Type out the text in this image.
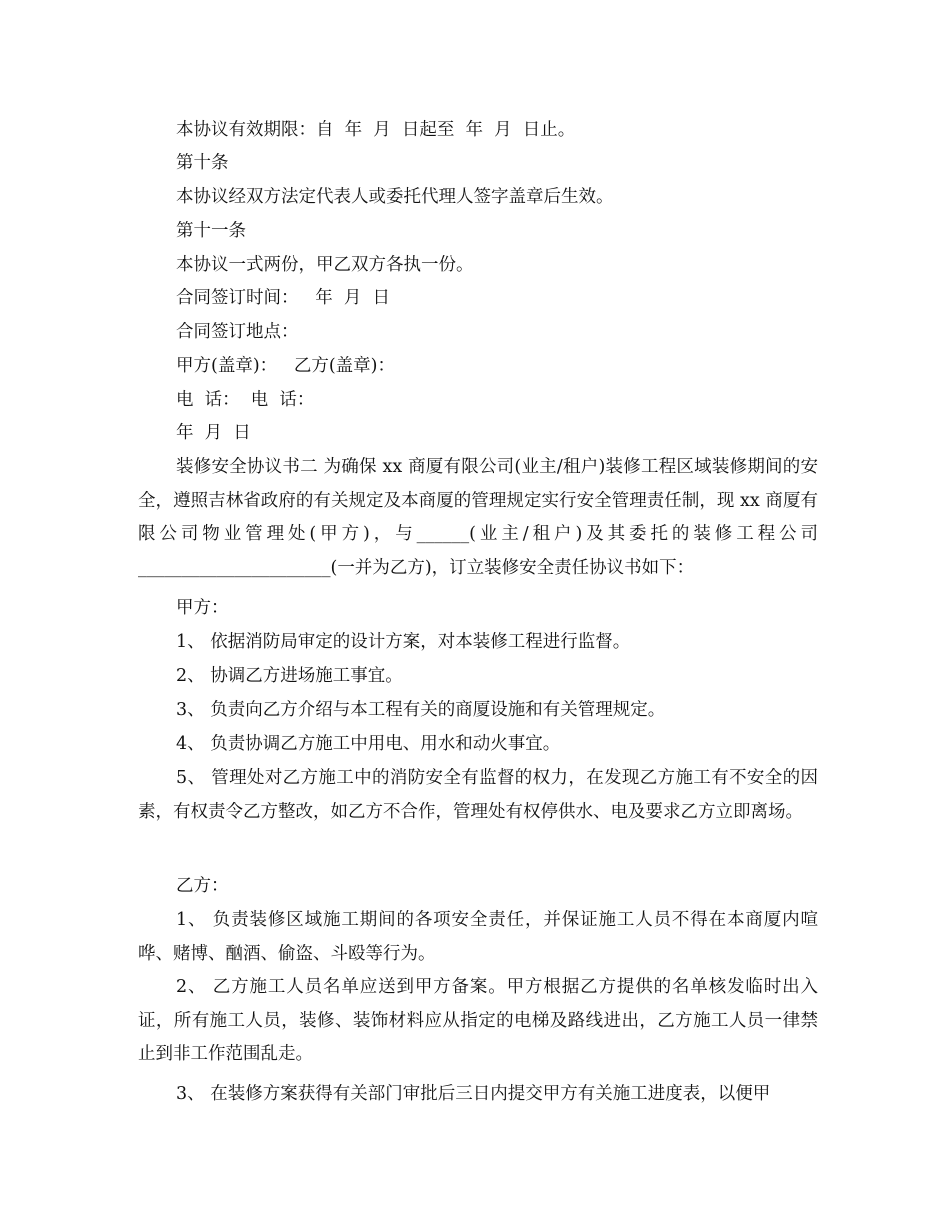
本协议有效期限：自  年  月  日起至  年  月  日止。
第十条
本协议经双方法定代表人或委托代理人签字盖章后生效。
第十一条
本协议一式两份，甲乙双方各执一份。
合同签订时间：   年  月  日
合同签订地点：
甲方(盖章)：   乙方(盖章)：
电  话：  电  话：
年  月  日
装修安全协议书二 为确保 xx 商厦有限公司(业主/租户)装修工程区域装修期间的安全，遵照吉林省政府的有关规定及本商厦的管理规定实行安全管理责任制，现 xx 商厦有限公司物业管理处(甲方)，与______(业主/租户)及其委托的装修工程公司______________________(一并为乙方)，订立装修安全责任协议书如下：
甲方：
1、 依据消防局审定的设计方案，对本装修工程进行监督。
2、 协调乙方进场施工事宜。
3、 负责向乙方介绍与本工程有关的商厦设施和有关管理规定。
4、 负责协调乙方施工中用电、用水和动火事宜。
5、 管理处对乙方施工中的消防安全有监督的权力，在发现乙方施工有不安全的因素，有权责令乙方整改，如乙方不合作，管理处有权停供水、电及要求乙方立即离场。
乙方：
1、 负责装修区域施工期间的各项安全责任，并保证施工人员不得在本商厦内喧哗、赌博、酗酒、偷盗、斗殴等行为。
2、 乙方施工人员名单应送到甲方备案。甲方根据乙方提供的名单核发临时出入证，所有施工人员，装修、装饰材料应从指定的电梯及路线进出，乙方施工人员一律禁止到非工作范围乱走。
3、 在装修方案获得有关部门审批后三日内提交甲方有关施工进度表，以便甲
